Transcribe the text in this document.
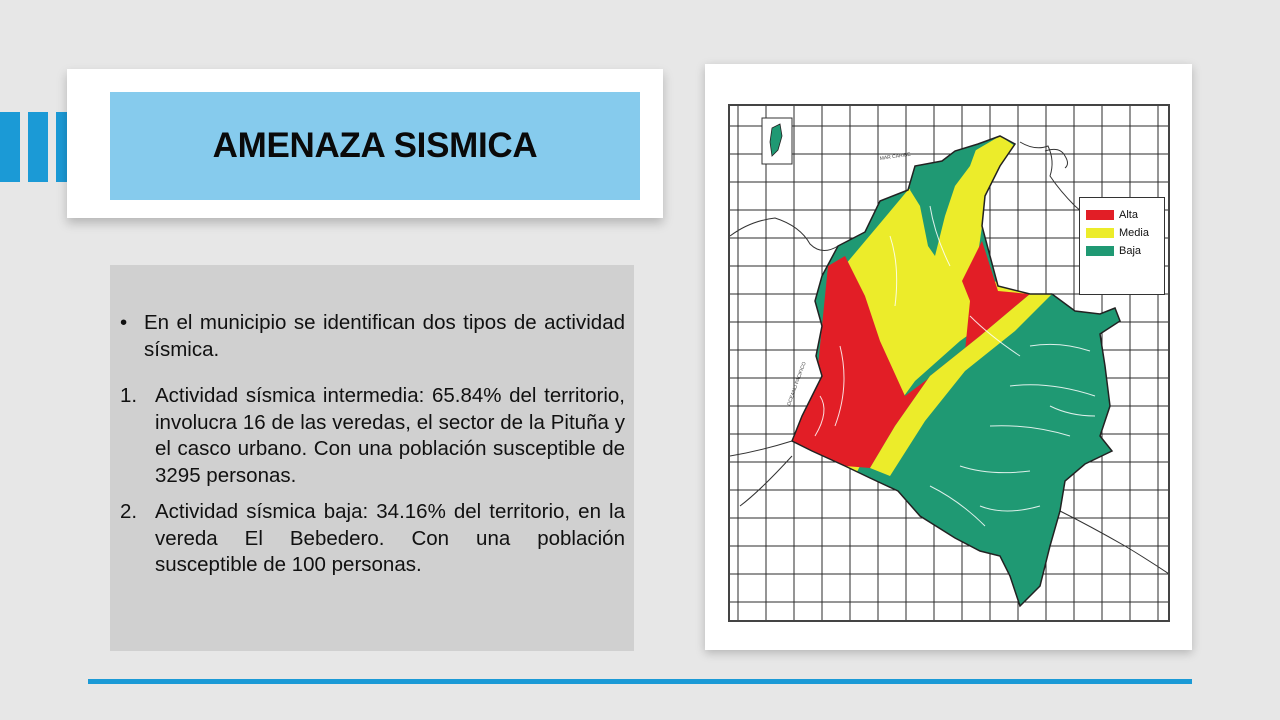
AMENAZA SISMICA
• En el municipio se identifican dos tipos de actividad sísmica.
1. Actividad sísmica intermedia: 65.84% del territorio, involucra 16 de las veredas, el sector de la Pituña y el casco urbano. Con una población susceptible de 3295 personas.
2. Actividad sísmica baja: 34.16% del territorio, en la vereda El Bebedero. Con una población susceptible de 100 personas.
MAR CARIBE
OCEANO PACIFICO
Alta
Media
Baja
